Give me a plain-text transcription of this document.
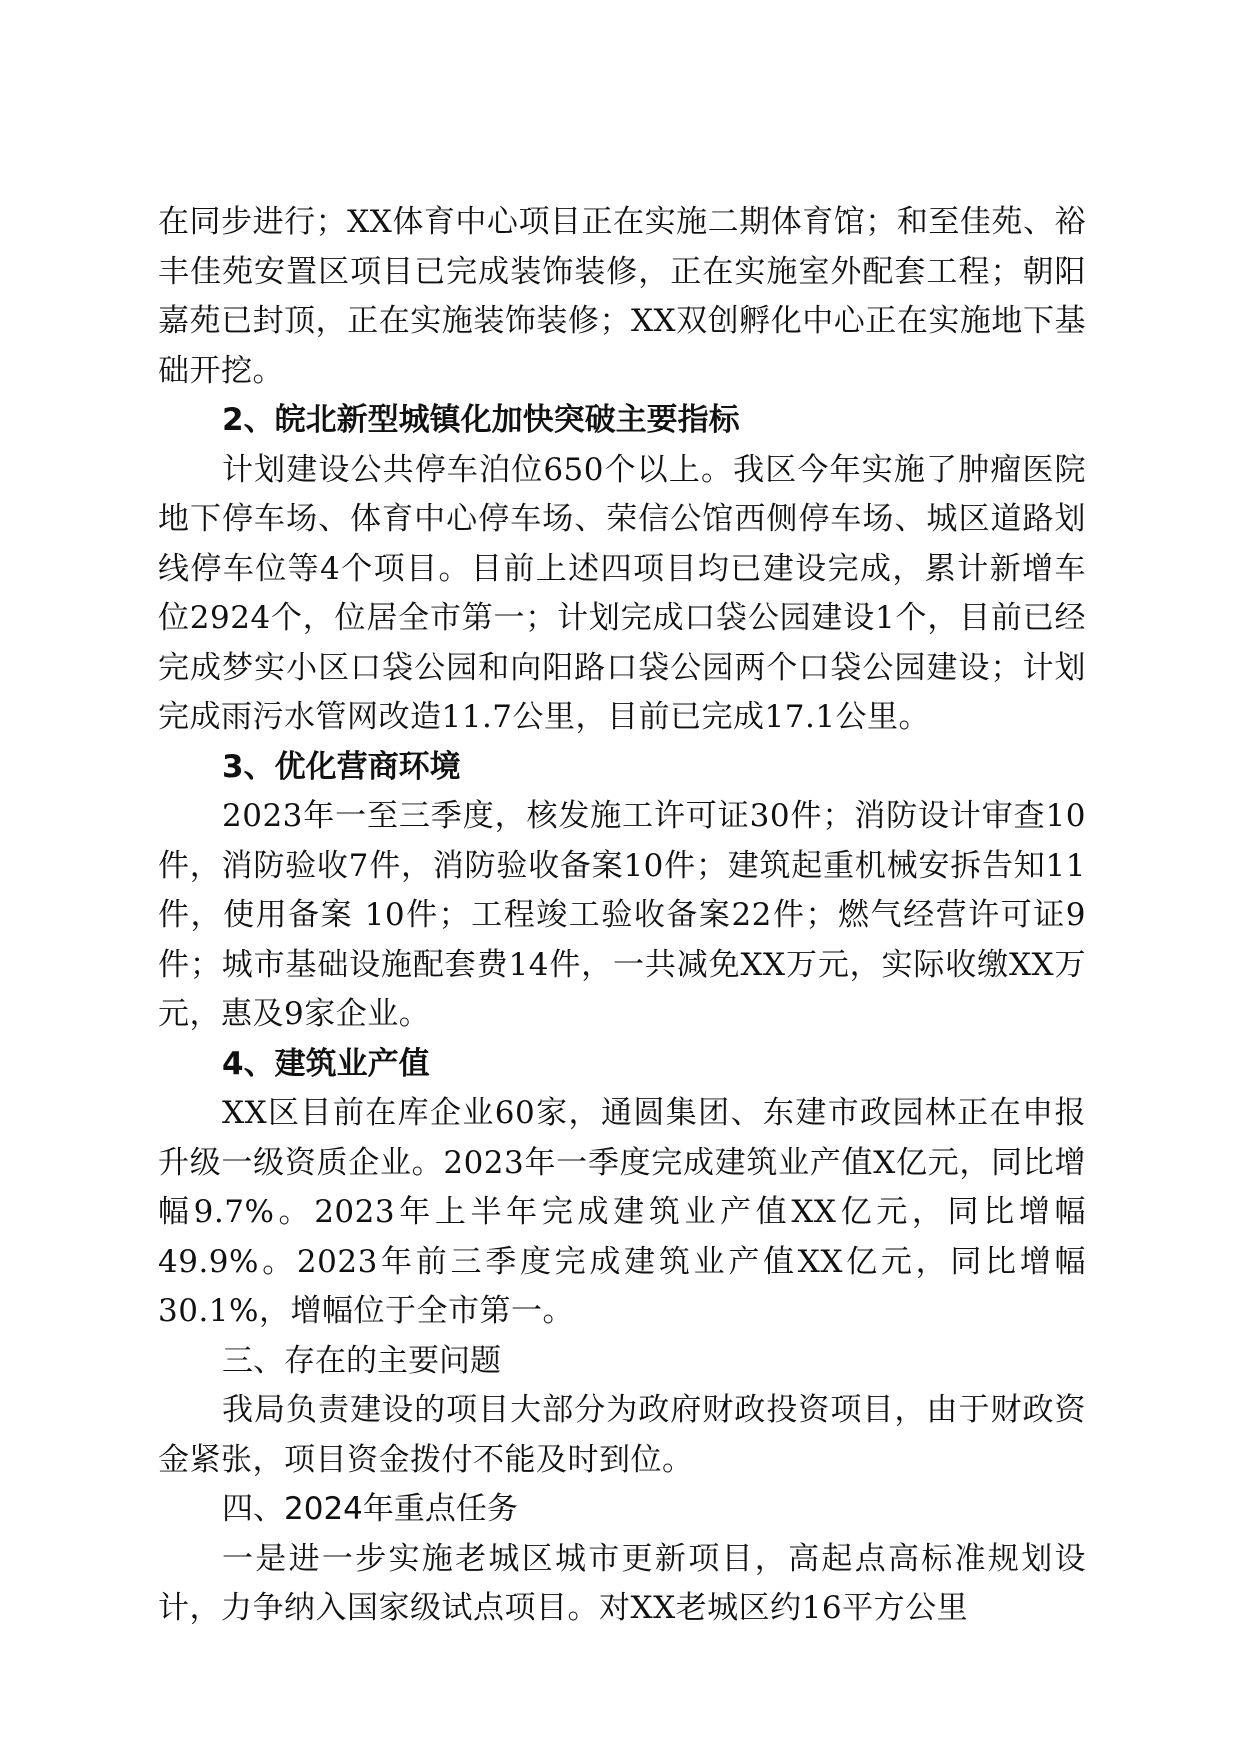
在同步进行；XX体育中心项目正在实施二期体育馆；和至佳苑、裕丰佳苑安置区项目已完成装饰装修，正在实施室外配套工程；朝阳嘉苑已封顶，正在实施装饰装修；XX双创孵化中心正在实施地下基础开挖。

2、皖北新型城镇化加快突破主要指标

计划建设公共停车泊位650个以上。我区今年实施了肿瘤医院地下停车场、体育中心停车场、荣信公馆西侧停车场、城区道路划线停车位等4个项目。目前上述四项目均已建设完成，累计新增车位2924个，位居全市第一；计划完成口袋公园建设1个，目前已经完成梦实小区口袋公园和向阳路口袋公园两个口袋公园建设；计划完成雨污水管网改造11.7公里，目前已完成17.1公里。

3、优化营商环境

2023年一至三季度，核发施工许可证30件；消防设计审查10件，消防验收7件，消防验收备案10件；建筑起重机械安拆告知11件，使用备案 10件；工程竣工验收备案22件；燃气经营许可证9件；城市基础设施配套费14件，一共减免XX万元，实际收缴XX万元，惠及9家企业。

4、建筑业产值

XX区目前在库企业60家，通圆集团、东建市政园林正在申报升级一级资质企业。2023年一季度完成建筑业产值X亿元，同比增幅9.7%。2023年上半年完成建筑业产值XX亿元，同比增幅49.9%。2023年前三季度完成建筑业产值XX亿元，同比增幅30.1%，增幅位于全市第一。

三、存在的主要问题

我局负责建设的项目大部分为政府财政投资项目，由于财政资金紧张，项目资金拨付不能及时到位。

四、2024年重点任务

一是进一步实施老城区城市更新项目，高起点高标准规划设计，力争纳入国家级试点项目。对XX老城区约16平方公里
